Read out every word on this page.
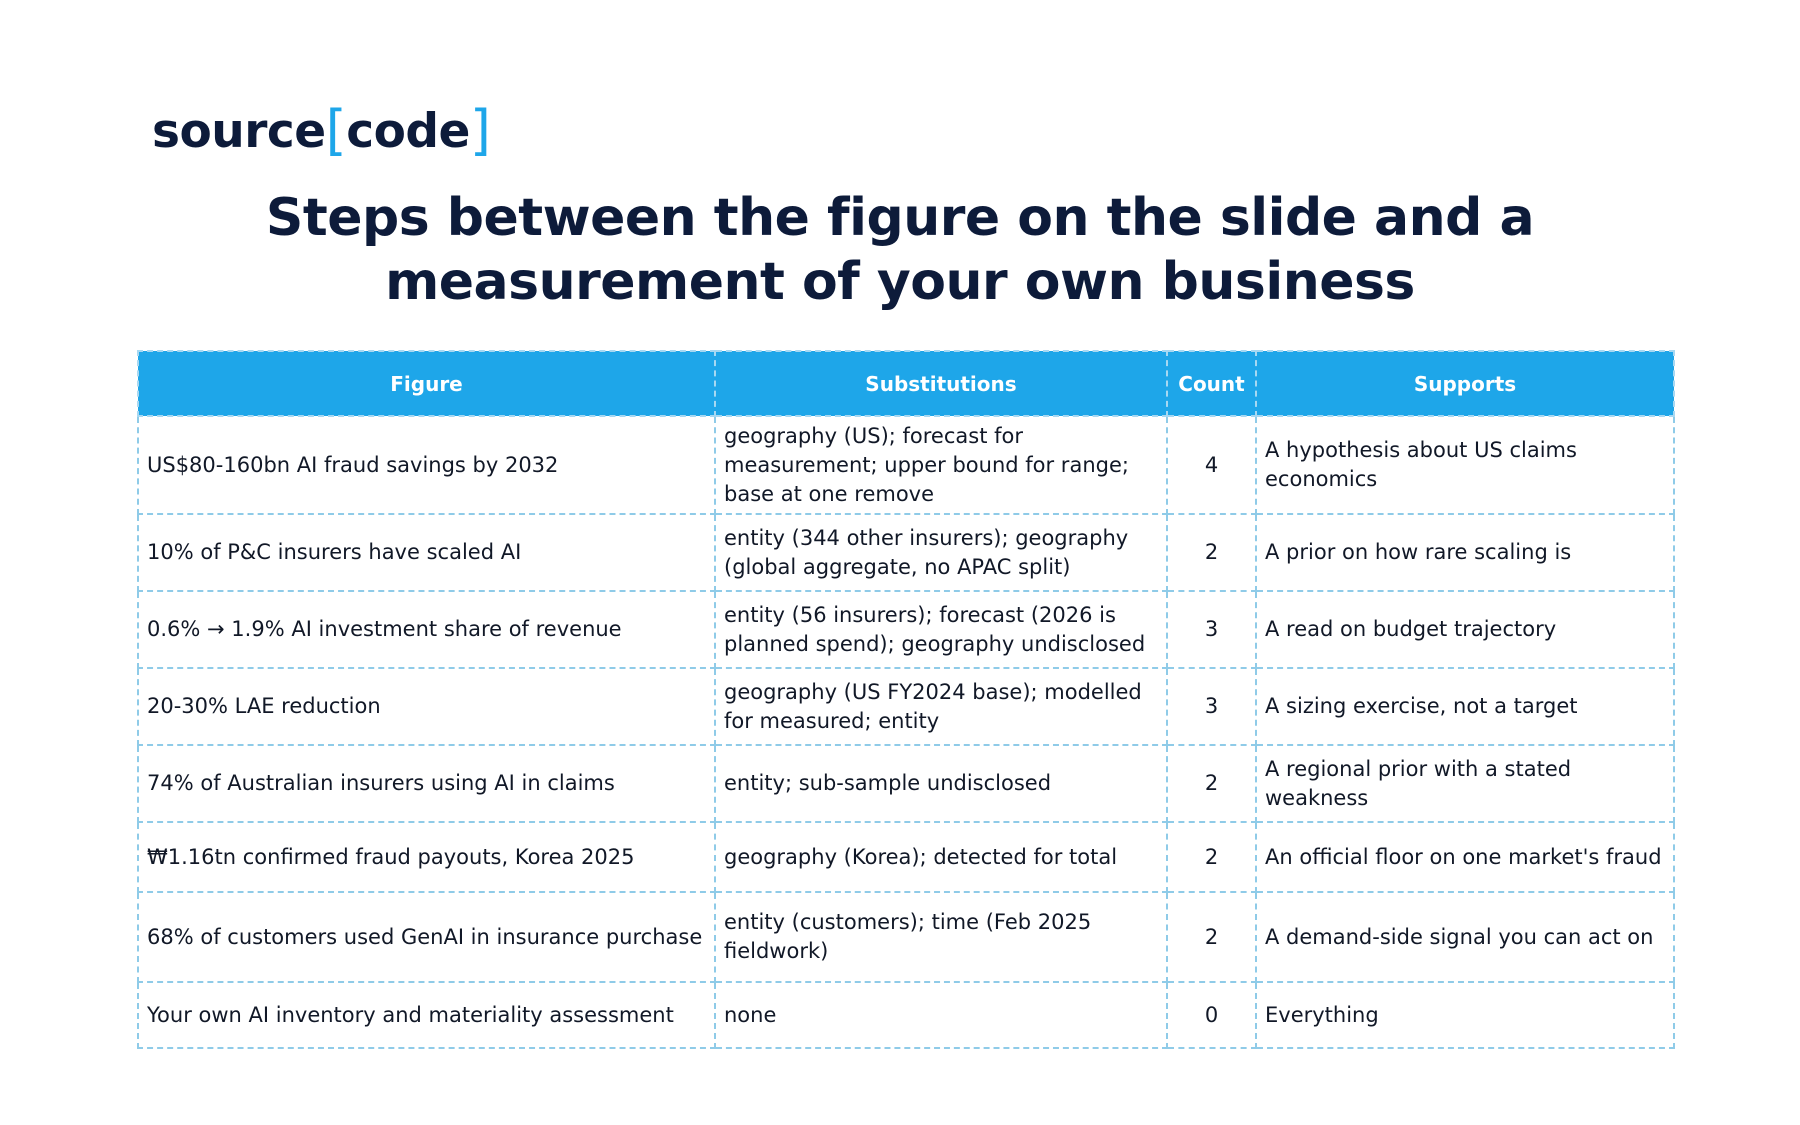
source[code]
Steps between the figure on the slide and a
measurement of your own business
Figure	Substitutions	Count	Supports
US$80-160bn AI fraud savings by 2032	geography (US); forecast for measurement; upper bound for range; base at one remove	4	A hypothesis about US claims economics
10% of P&C insurers have scaled AI	entity (344 other insurers); geography (global aggregate, no APAC split)	2	A prior on how rare scaling is
0.6% → 1.9% AI investment share of revenue	entity (56 insurers); forecast (2026 is planned spend); geography undisclosed	3	A read on budget trajectory
20-30% LAE reduction	geography (US FY2024 base); modelled for measured; entity	3	A sizing exercise, not a target
74% of Australian insurers using AI in claims	entity; sub-sample undisclosed	2	A regional prior with a stated weakness
₩1.16tn confirmed fraud payouts, Korea 2025	geography (Korea); detected for total	2	An official floor on one market's fraud
68% of customers used GenAI in insurance purchase	entity (customers); time (Feb 2025 fieldwork)	2	A demand-side signal you can act on
Your own AI inventory and materiality assessment	none	0	Everything
